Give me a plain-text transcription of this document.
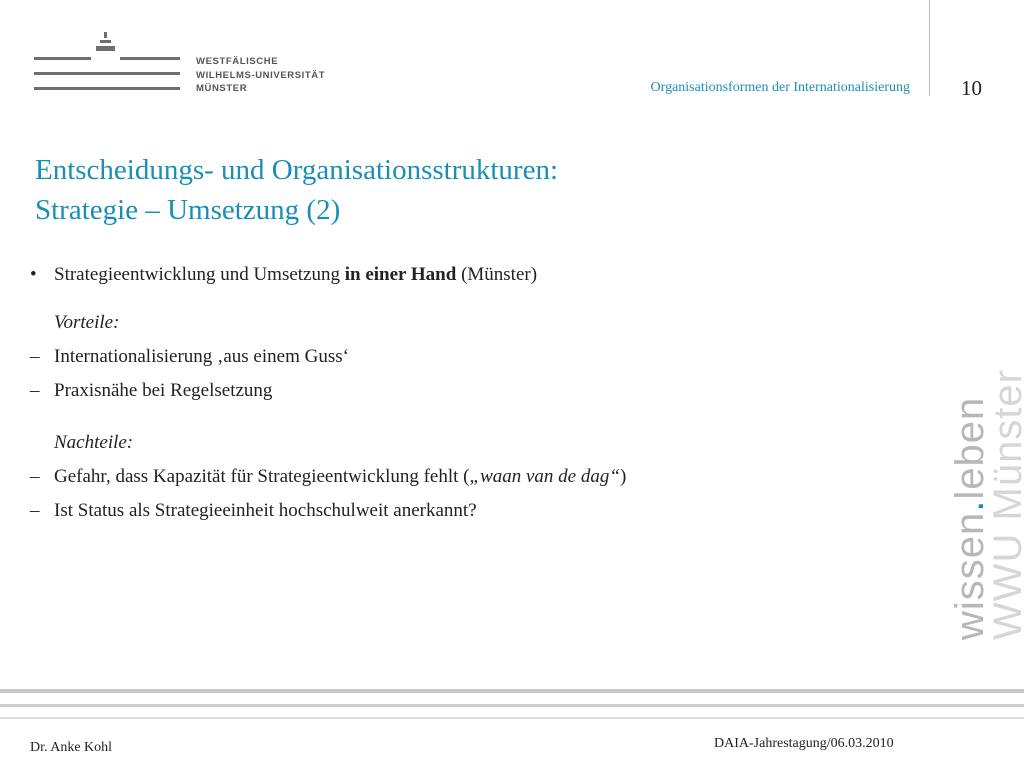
WESTFÄLISCHE
WILHELMS-UNIVERSITÄT
MÜNSTER	Organisationsformen der Internationalisierung 10
Entscheidungs- und Organisationsstrukturen:
Strategie – Umsetzung (2)
• Strategieentwicklung und Umsetzung in einer Hand (Münster)
Vorteile:
– Internationalisierung ‚aus einem Guss‘
– Praxisnähe bei Regelsetzung
Nachteile:
– Gefahr, dass Kapazität für Strategieentwicklung fehlt („waan van de dag“)
– Ist Status als Strategieeinheit hochschulweit anerkannt?
wissen.leben
WWU Münster
Dr. Anke Kohl	DAIA-Jahrestagung/06.03.2010
